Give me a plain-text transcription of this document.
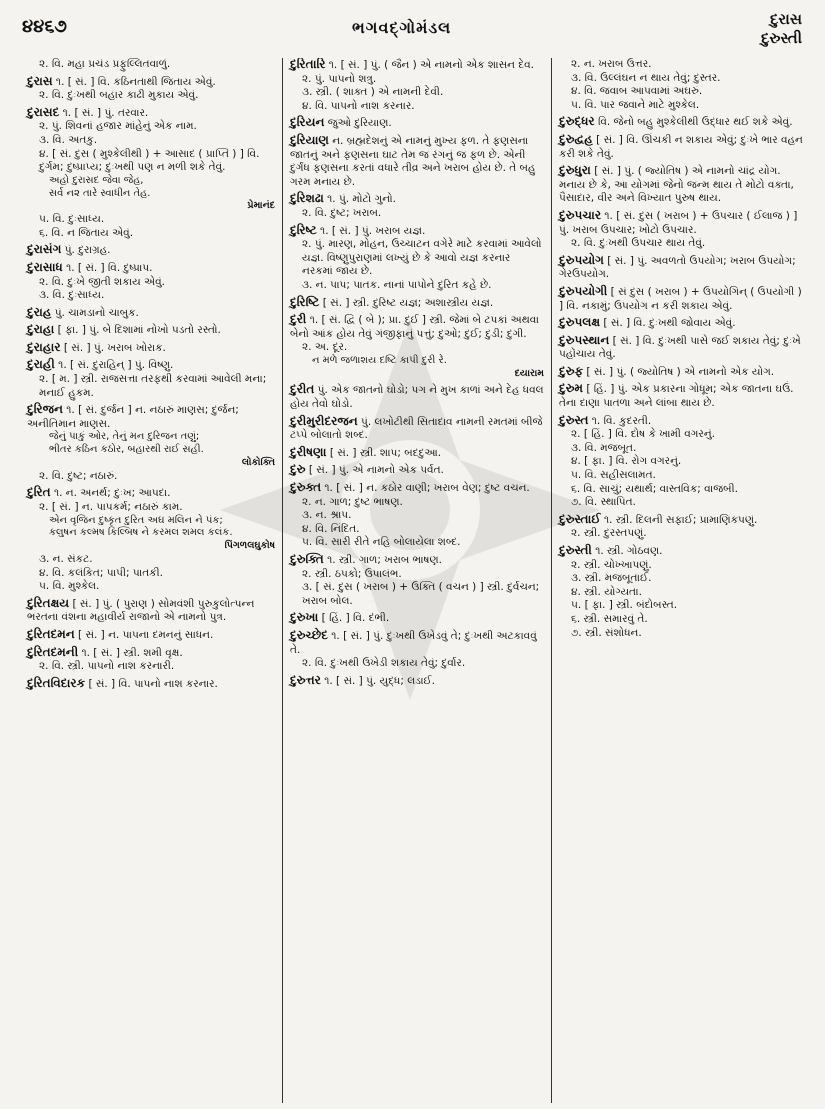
૪૪૬૭	ભગવદ્‌ગોમંડલ	દુરાસ
દુરુસ્તી
૨. વિ. મહા પ્રચંડ પ્રફુલ્લિતવાળું.
દુરાસ ૧. [ સં. ] વિ. કઠિનતાથી જિતાય એવું.
૨. વિ. દુઃખથી બહાર કાઢી મુકાય એવું.
દુરાસદ ૧. [ સં. ] પું. તરવાર.
૨. પું. શિવનાં હજાર માંહેનું એક નામ.
૩. વિ. અતકુ.
૪. [ સં. દુસ ( મુશ્કેલીથી ) + આસાદ ( પ્રાપ્તિ ) ] વિ. દુર્ગમ; દુષ્પ્રાપ્ય; દુઃખથી પણ ન મળી શકે તેવું.
અહો દુરાસદ જેવા જેહ,
સર્વ ન૨ તારે સ્વાધીન તેહ.
પ્રેમાનંદ
૫. વિ. દુઃસાધ્ય.
૬. વિ. ન જિતાય એવું.
દુરાસંગ પું. દુરાગ્રહ.
દુરાસાધ ૧. [ સં. ] વિ. દુષ્પ્રાપ.
૨. વિ. દુઃખે જીતી શકાય એવું.
૩. વિ. દુઃસાધ્ય.
દુરાહ પું. ચામડાનો ચાબુક.
દુરાહા [ ફા. ] પું. બે દિશામાં નોખો પડતો રસ્તો.
દુરાહાર [ સં. ] પું. ખરાબ ખોરાક.
દુરાહી ૧. [ સં. દુરાહિન્ ] પું. વિષ્ણુ.
૨. [ મ. ] સ્ત્રી. રાજસત્તા તરફથી કરવામાં આવેલી મના; મનાઈ હુકમ.
દુરિજન ૧. [ સં. દુર્જન ] ન. નઠારું માણસ; દુર્જન; અનીતિમાન માણસ.
જેનું પાકું ઓર, તેનું મન દુરિજન તણું;
ભીતર કઠિન કઠોર, બહારથી રાઈ સહી.
લોકોક્તિ
૨. વિ. દુષ્ટ; નઠારું.
દુરિત ૧. ન. અનર્થ; દુઃખ; આપદા.
૨. [ સં. ] ન. પાપકર્મ; નઠારું કામ.
એન વૃજિન દુષ્કૃત દુરિત અઘ મલિન ને પંક;
કલુષન કલ્મષ કિલ્બિષ ને કરમલ શમલ કલંક.
પિંગળલઘુકોષ
૩. ન. સંકટ.
૪. વિ. કલંકિત; પાપી; પાતકી.
૫. વિ. મુશ્કેલ.
દુરિતક્ષય [ સં. ] પું. ( પુરાણ ) સોમવંશી પુરુકુલોત્પન્ન ભરતના વંશના મહાવીર્ય રાજાનો એ નામનો પુત્ર.
દુરિતદમન [ સં. ] ન. પાપના દમનનું સાધન.
દુરિતદમની ૧. [ સં. ] સ્ત્રી. શમી વૃક્ષ.
૨. વિ. સ્ત્રી. પાપનો નાશ કરનારી.
દુરિતવિદારક [ સં. ] વિ. પાપનો નાશ કરનાર.
દુરિતારિ ૧. [ સં. ] પું. ( જૈન ) એ નામનો એક શાસન દેવ.
૨. પું. પાપનો શત્રુ.
૩. સ્ત્રી. ( શાક્ત ) એ નામની દેવી.
૪. વિ. પાપનો નાશ કરનાર.
દુરિયન જુઓ દુરિયાણ.
દુરિયાણ ન. બ્રહ્મદેશનું એ નામનું મુખ્ય ફળ. તે ફણસના જાતનું અને ફણસના ઘાટ તેમ જ રંગનું જ ફળ છે. એની દુર્ગંધ ફણસના કરતાં વધારે તીવ્ર અને ખરાબ હોય છે. તે બહુ ગરમ મનાય છે.
દુરિશઢા ૧. પું. મોટો ગુનો.
૨. વિ. દુષ્ટ; ખરાબ.
દુરિષ્ટ ૧. [ સં. ] પું. ખરાબ યજ્ઞ.
૨. પું. મારણ, મોહન, ઉચ્ચાટન વગેરે માટે કરવામાં આવેલો યજ્ઞ. વિષ્ણુપુરાણમાં લખ્યું છે કે આવો યજ્ઞ કરનાર નરકમાં જાય છે.
૩. ન. પાપ; પાતક. નાનાં પાપોને દુરિત કહે છે.
દુરિષ્ટિ [ સં. ] સ્ત્રી. દુરિષ્ટ યજ્ઞ; અશાસ્ત્રીય યજ્ઞ.
દુરી ૧. [ સં. દ્વિ ( બે ); પ્રા. દુઈ ] સ્ત્રી. જેમાં બે ટપકાં અથવા બેનો આંક હોય તેવું ગંજીફાનું પત્તું; દુઓ; દુઈ; દુડી; દુગી.
૨. અ. દૂર.
ન મળે જળાશય દષ્ટિ કાપી દુરી રે.
દયારામ
દુરીત પું. એક જાતનો ઘોડો; પગ ને મુખ કાળાં અને દેહ ધવલ હોય તેવો ઘોડો.
દુરીમુરીદરજન પું. લખોટીથી સિતાદાવ નામની રમતમાં બીજે ટપ્પે બોલાતો શબ્દ.
દુરીષણા [ સં. ] સ્ત્રી. શાપ; બદદુઆ.
દુરુ [ સં. ] પું. એ નામનો એક પર્વત.
દુરુક્ત ૧. [ સં. ] ન. કઠોર વાણી; ખરાબ વેણ; દુષ્ટ વચન.
૨. ન. ગાળ; દુષ્ટ ભાષણ.
૩. ન. શ્રાપ.
૪. વિ. નિંદિત.
૫. વિ. સારી રીતે નહિ બોલાયેલા શબ્દ.
દુરુક્તિ ૧. સ્ત્રી. ગાળ; ખરાબ ભાષણ.
૨. સ્ત્રી. ઠપકો; ઉપાલંભ.
૩. [ સં. દુસ ( ખરાબ ) + ઉક્તિ ( વચન ) ] સ્ત્રી. દુર્વચન; ખરાબ બોલ.
દુરુખા [ હિં. ] વિ. દંભી.
દુરુચ્છેદ ૧. [ સં. ] પું. દુઃખથી ઉખેડવું તે; દુઃખથી અટકાવવું તે.
૨. વિ. દુઃખથી ઉખેડી શકાય તેવું; દુર્વાર.
દુરુત્તર ૧. [ સં. ] પું. યુદ્ધ; લડાઈ.
૨. ન. ખરાબ ઉત્તર.
૩. વિ. ઉલ્લંઘન ન થાય તેવું; દુસ્તર.
૪. વિ. જવાબ આપવામાં અઘરું.
૫. વિ. પાર જવાને માટે મુશ્કેલ.
દુરુદ્ધર વિ. જેનો બહુ મુશ્કેલીથી ઉદ્ધાર થઈ શકે એવું.
દુરુદ્વહ [ સં. ] વિ. ઊંચકી ન શકાય એવું; દુઃખે ભાર વહન કરી શકે તેવું.
દુરુધુરા [ સં. ] પું. ( જ્યોતિષ ) એ નામનો ચાંદ્ર યોગ. મનાય છે કે, આ યોગમાં જેનો જન્મ થાય તે મોટો વક્તા, પૈસાદાર, વીર અને વિખ્યાત પુરુષ થાય.
દુરુપચાર ૧. [ સં. દુસ ( ખરાબ ) + ઉપચાર ( ઈલાજ ) ] પું. ખરાબ ઉપચાર; ખોટો ઉપચાર.
૨. વિ. દુઃખથી ઉપચાર થાય તેવું.
દુરુપયોગ [ સં. ] પું. અવળતો ઉપયોગ; ખરાબ ઉપયોગ; ગેરઉપયોગ.
દુરુપયોગી [ સં દુસ ( ખરાબ ) + ઉપયોગિન્ ( ઉપયોગી ) ] વિ. નકામું; ઉપયોગ ન કરી શકાય એવું.
દુરુપલક્ષ [ સં. ] વિ. દુઃખથી જોવાય એવું.
દુરુપસ્થાન [ સં. ] વિ. દુઃખથી પાસે જઈ શકાય તેવું; દુઃખે પહોંચાય તેવું.
દુરુફ [ સં. ] પું. ( જ્યોતિષ ) એ નામનો એક યોગ.
દુરુમ [ હિં. ] પું. એક પ્રકારના ગોધૂમ; એક જાતના ઘઉં. તેના દાણા પાતળા અને લાંબા થાય છે.
દુરુસ્ત ૧. વિ. કુદરતી.
૨. [ હિં. ] વિ. દોષ કે ખામી વગરનું.
૩. વિ. મજબૂત.
૪. [ ફા. ] વિ. રોગ વગરનું.
૫. વિ. સહીસલામત.
૬. વિ. સાચું; યથાર્થ; વાસ્તવિક; વાજબી.
૭. વિ. સ્થાપિત.
દુરુસ્તાઈ ૧. સ્ત્રી. દિલની સફાઈ; પ્રામાણિકપણું.
૨. સ્ત્રી. દુરસ્તપણું.
દુરુસ્તી ૧. સ્ત્રી. ગોઠવણ.
૨. સ્ત્રી. ચોખ્ખાપણું.
૩. સ્ત્રી. મજબૂતાઈ.
૪. સ્ત્રી. યોગ્યતા.
૫. [ ફા. ] સ્ત્રી. બંદોબસ્ત.
૬. સ્ત્રી. સમારવું તે.
૭. સ્ત્રી. સંશોધન.
